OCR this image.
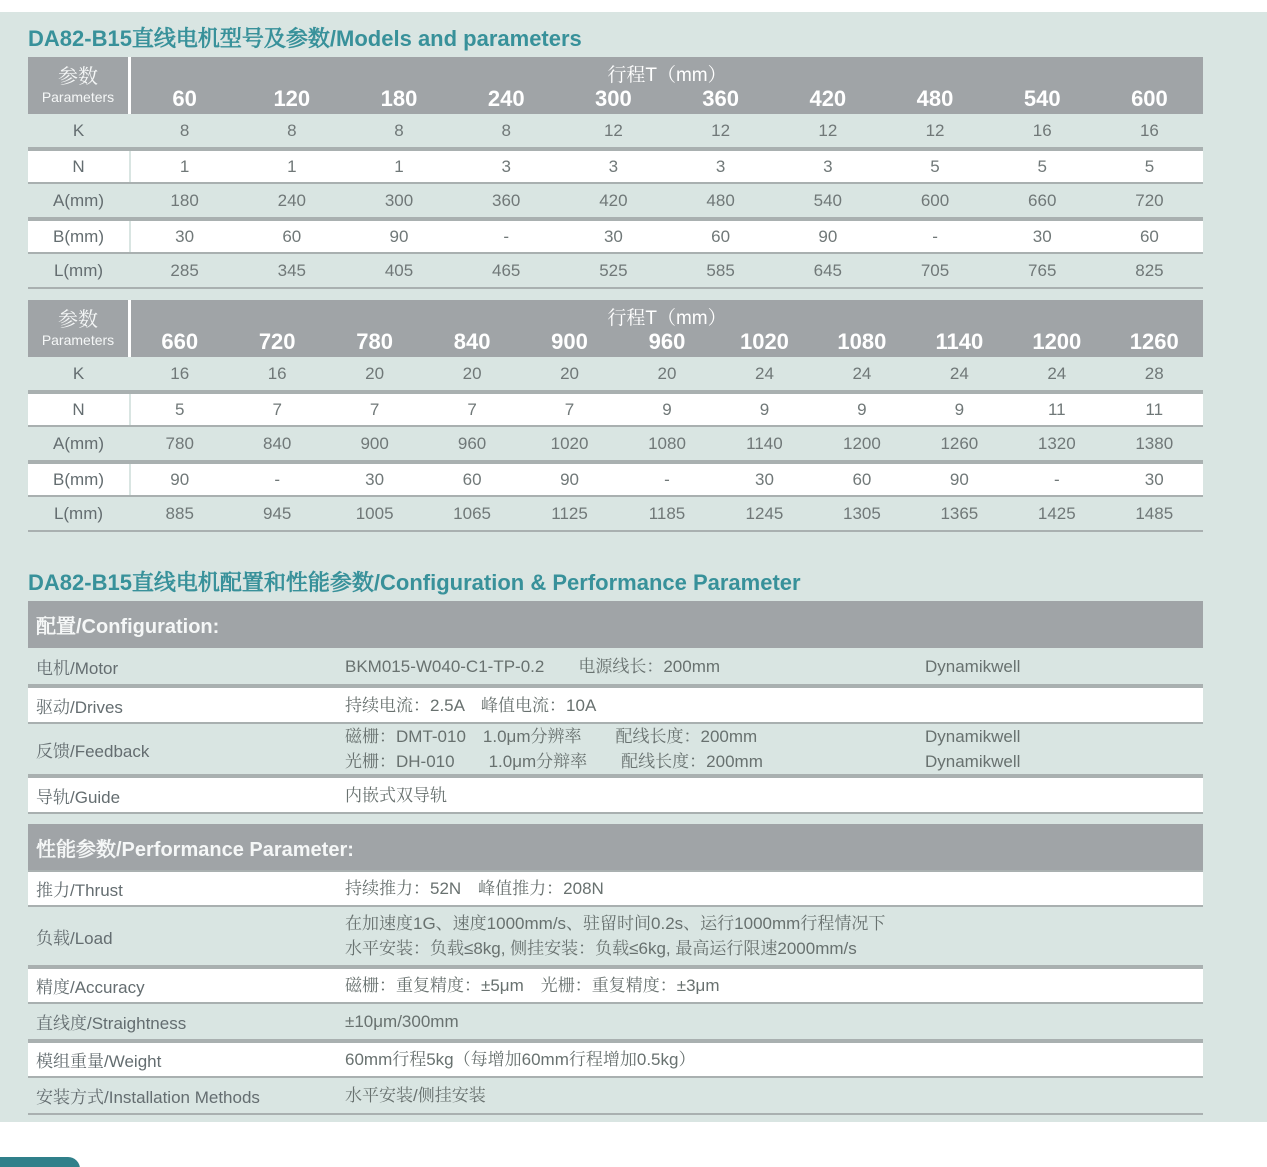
DA82-B15直线电机型号及参数/Models and parameters
参数
Parameters
行程T（mm）
60	120	180	240	300	360	420	480	540	600
K	8	8	8	8	12	12	12	12	16	16
N	1	1	1	3	3	3	3	5	5	5
A(mm)	180	240	300	360	420	480	540	600	660	720
B(mm)	30	60	90	-	30	60	90	-	30	60
L(mm)	285	345	405	465	525	585	645	705	765	825
参数
Parameters
行程T（mm）
660	720	780	840	900	960	1020	1080	1140	1200	1260
K	16	16	20	20	20	20	24	24	24	24	28
N	5	7	7	7	7	9	9	9	9	11	11
A(mm)	780	840	900	960	1020	1080	1140	1200	1260	1320	1380
B(mm)	90	-	30	60	90	-	30	60	90	-	30
L(mm)	885	945	1005	1065	1125	1185	1245	1305	1365	1425	1485
DA82-B15直线电机配置和性能参数/Configuration & Performance Parameter
配置/Configuration:
电机/Motor	BKM015-W040-C1-TP-0.2　　电源线长：200mm	Dynamikwell
驱动/Drives	持续电流：2.5A　峰值电流：10A
反馈/Feedback
磁栅：DMT-010　1.0μm分辨率　　配线长度：200mm	Dynamikwell
光栅：DH-010　　1.0μm分辩率　　配线长度：200mm	Dynamikwell
导轨/Guide	内嵌式双导轨
性能参数/Performance Parameter:
推力/Thrust	持续推力：52N　峰值推力：208N
负载/Load
在加速度1G、速度1000mm/s、驻留时间0.2s、运行1000mm行程情况下
水平安装：负载≤8kg, 侧挂安装：负载≤6kg, 最高运行限速2000mm/s
精度/Accuracy	磁栅：重复精度：±5μm　光栅：重复精度：±3μm
直线度/Straightness	±10μm/300mm
模组重量/Weight	60mm行程5kg（每增加60mm行程增加0.5kg）
安装方式/Installation Methods	水平安装/侧挂安装
